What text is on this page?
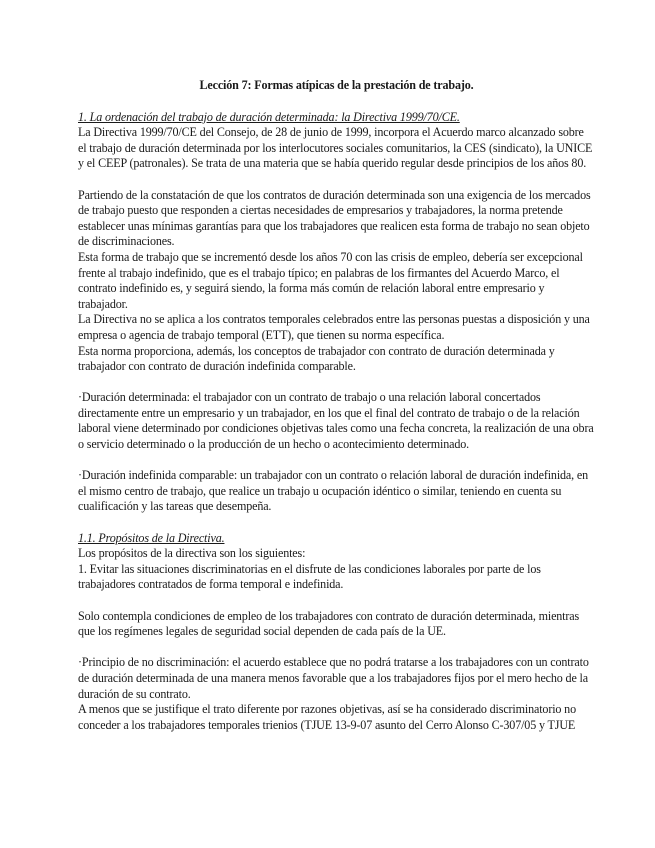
Lección 7: Formas atípicas de la prestación de trabajo.
1. La ordenación del trabajo de duración determinada: la Directiva 1999/70/CE.
La Directiva 1999/70/CE del Consejo, de 28 de junio de 1999, incorpora el Acuerdo marco alcanzado sobre el trabajo de duración determinada por los interlocutores sociales comunitarios, la CES (sindicato), la UNICE y el CEEP (patronales). Se trata de una materia que se había querido regular desde principios de los años 80.
Partiendo de la constatación de que los contratos de duración determinada son una exigencia de los mercados de trabajo puesto que responden a ciertas necesidades de empresarios y trabajadores, la norma pretende establecer unas mínimas garantías para que los trabajadores que realicen esta forma de trabajo no sean objeto de discriminaciones.
Esta forma de trabajo que se incrementó desde los años 70 con las crisis de empleo, debería ser excepcional frente al trabajo indefinido, que es el trabajo típico; en palabras de los firmantes del Acuerdo Marco, el contrato indefinido es, y seguirá siendo, la forma más común de relación laboral entre empresario y trabajador.
La Directiva no se aplica a los contratos temporales celebrados entre las personas puestas a disposición y una empresa o agencia de trabajo temporal (ETT), que tienen su norma específica.
Esta norma proporciona, además, los conceptos de trabajador con contrato de duración determinada y trabajador con contrato de duración indefinida comparable.
·Duración determinada: el trabajador con un contrato de trabajo o una relación laboral concertados directamente entre un empresario y un trabajador, en los que el final del contrato de trabajo o de la relación laboral viene determinado por condiciones objetivas tales como una fecha concreta, la realización de una obra o servicio determinado o la producción de un hecho o acontecimiento determinado.
·Duración indefinida comparable: un trabajador con un contrato o relación laboral de duración indefinida, en el mismo centro de trabajo, que realice un trabajo u ocupación idéntico o similar, teniendo en cuenta su cualificación y las tareas que desempeña.
1.1. Propósitos de la Directiva.
Los propósitos de la directiva son los siguientes:
1. Evitar las situaciones discriminatorias en el disfrute de las condiciones laborales por parte de los trabajadores contratados de forma temporal e indefinida.
Solo contempla condiciones de empleo de los trabajadores con contrato de duración determinada, mientras que los regímenes legales de seguridad social dependen de cada país de la UE.
·Principio de no discriminación: el acuerdo establece que no podrá tratarse a los trabajadores con un contrato de duración determinada de una manera menos favorable que a los trabajadores fijos por el mero hecho de la duración de su contrato.
A menos que se justifique el trato diferente por razones objetivas, así se ha considerado discriminatorio no conceder a los trabajadores temporales trienios (TJUE 13-9-07 asunto del Cerro Alonso C-307/05 y TJUE
